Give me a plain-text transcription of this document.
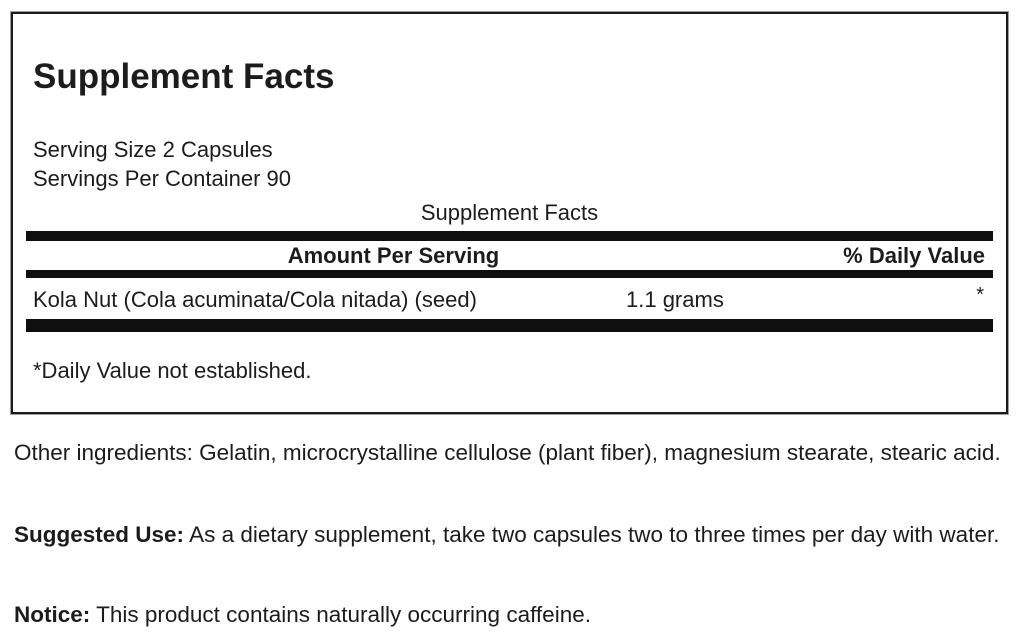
Supplement Facts
Serving Size 2 Capsules
Servings Per Container 90
Supplement Facts
Amount Per Serving	% Daily Value
Kola Nut (Cola acuminata/Cola nitada) (seed)	1.1 grams	*
*Daily Value not established.

Other ingredients: Gelatin, microcrystalline cellulose (plant fiber), magnesium stearate, stearic acid.

Suggested Use: As a dietary supplement, take two capsules two to three times per day with water.

Notice: This product contains naturally occurring caffeine.
